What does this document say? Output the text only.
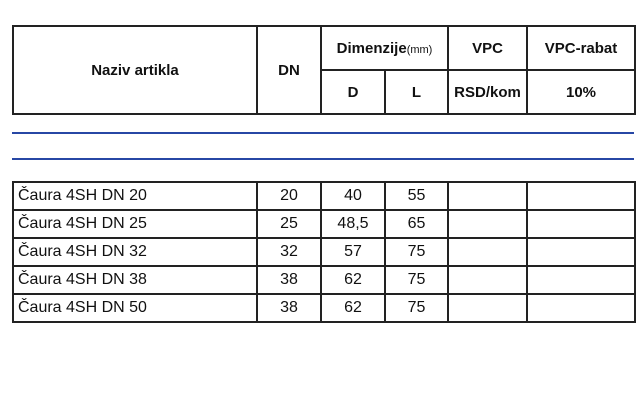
Naziv artikla	DN	Dimenzije(mm)		VPC	VPC-rabat
		D	L	RSD/kom	10%
Čaura 4SH DN 20	20	40	55		
Čaura 4SH DN 25	25	48,5	65		
Čaura 4SH DN 32	32	57	75		
Čaura 4SH DN 38	38	62	75		
Čaura 4SH DN 50	38	62	75		
